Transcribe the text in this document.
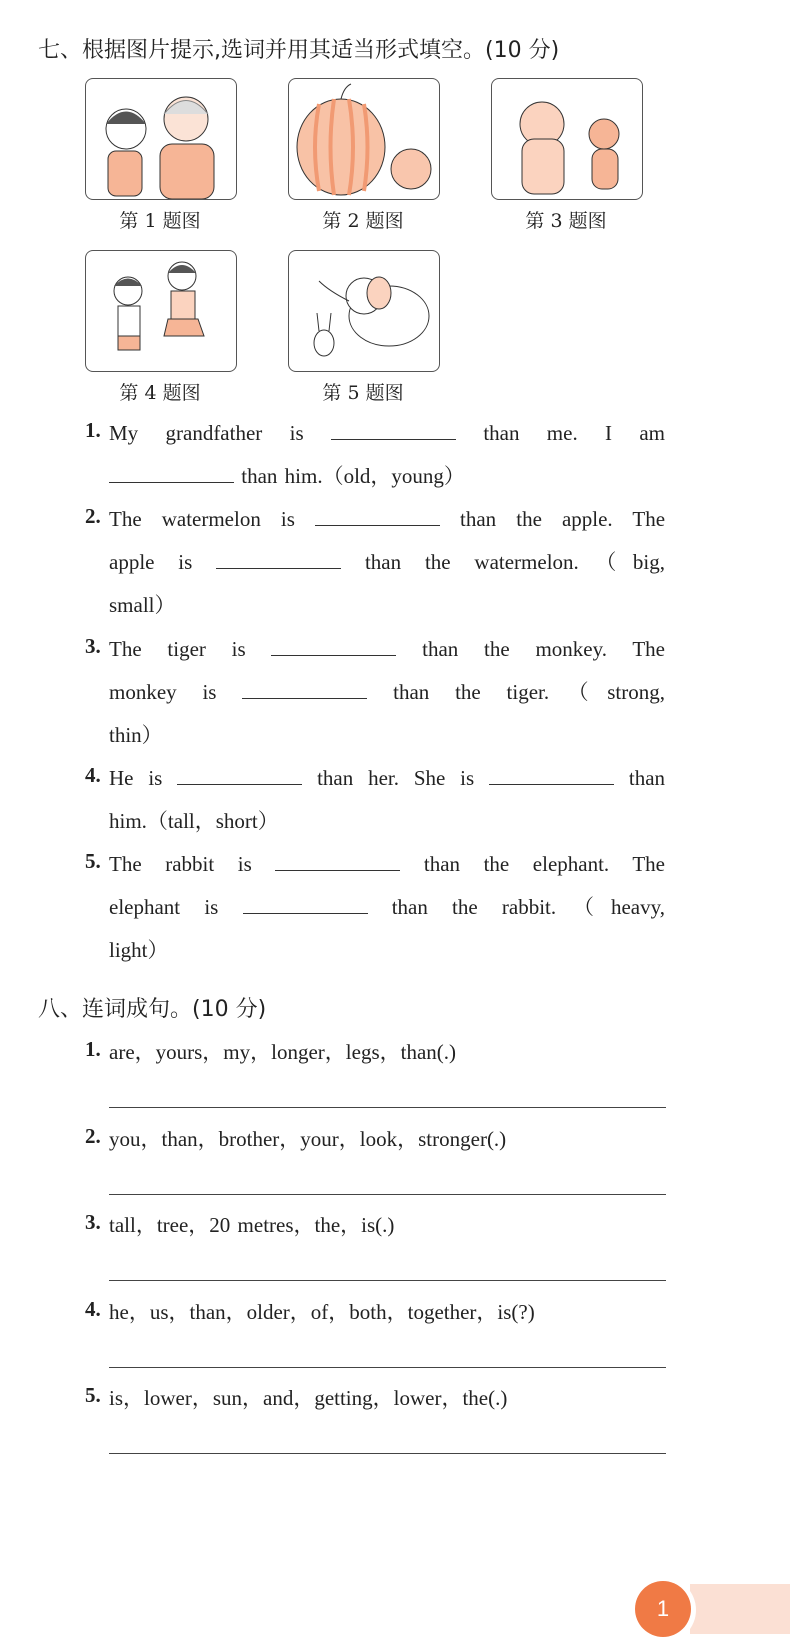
七、根据图片提示,选词并用其适当形式填空。(10 分)
第 1 题图	第 2 题图	第 3 题图
第 4 题图	第 5 题图
1. My grandfather is	than me. I am
than him.（old，young）
2. The watermelon is	than the apple. The
apple is	than the watermelon.（big,
small）
3. The tiger is	than the monkey. The
monkey is	than the tiger.（strong,
thin）
4. He is	than her. She is	than
him.（tall，short）
5. The rabbit is	than the elephant. The
elephant is	than the rabbit.（heavy,
light）
八、连词成句。(10 分)
1. are，yours，my，longer，legs，than(.)
2. you，than，brother，your，look，stronger(.)
3. tall，tree，20 metres，the，is(.)
4. he，us，than，older，of，both，together，is(?)
5. is，lower，sun，and，getting，lower，the(.)
1
